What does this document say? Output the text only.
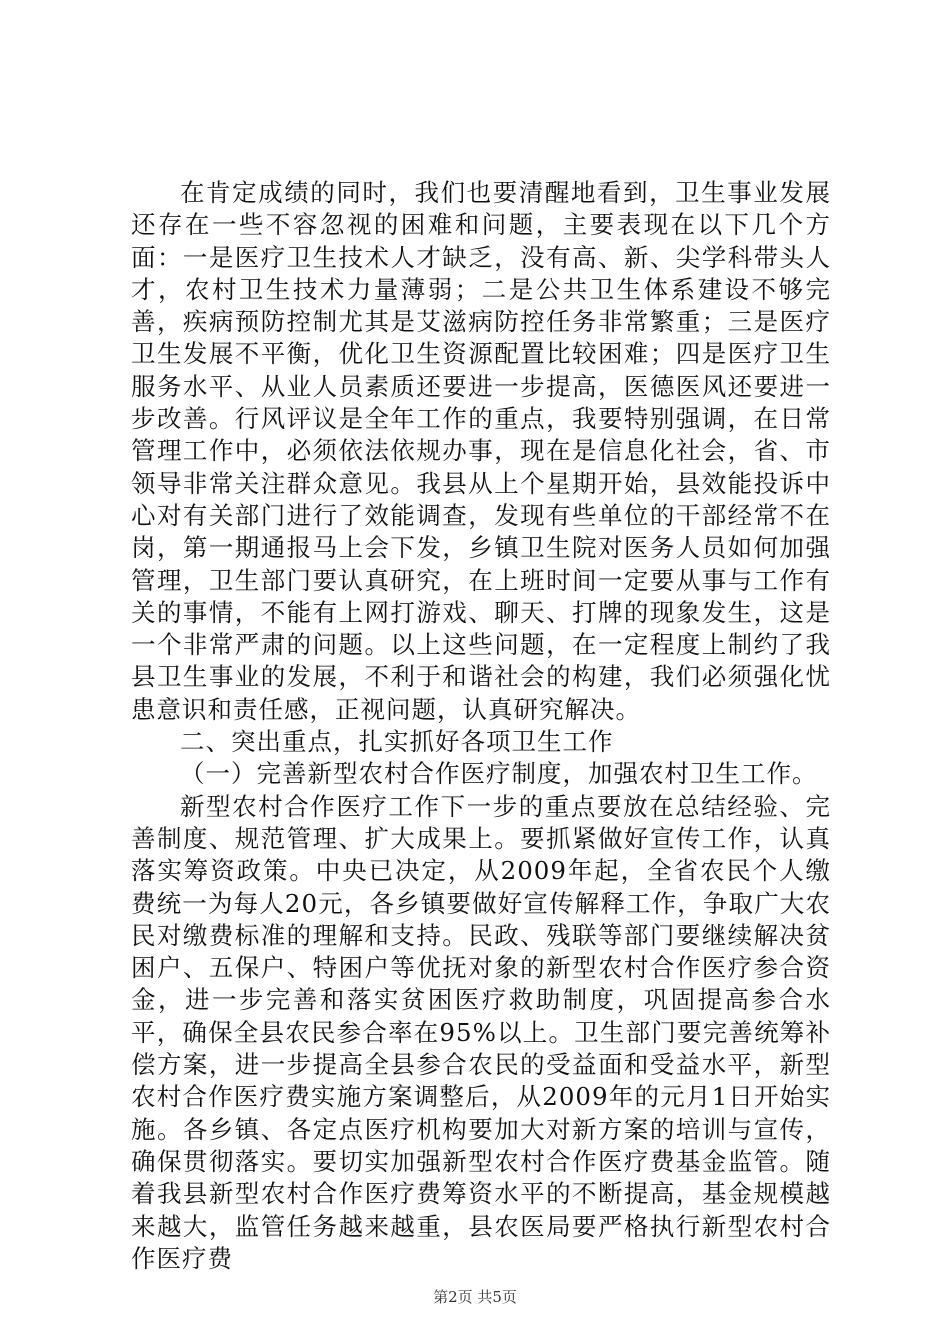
在肯定成绩的同时，我们也要清醒地看到，卫生事业发展还存在一些不容忽视的困难和问题，主要表现在以下几个方面：一是医疗卫生技术人才缺乏，没有高、新、尖学科带头人才，农村卫生技术力量薄弱；二是公共卫生体系建设不够完善，疾病预防控制尤其是艾滋病防控任务非常繁重；三是医疗卫生发展不平衡，优化卫生资源配置比较困难；四是医疗卫生服务水平、从业人员素质还要进一步提高，医德医风还要进一步改善。行风评议是全年工作的重点，我要特别强调，在日常管理工作中，必须依法依规办事，现在是信息化社会，省、市领导非常关注群众意见。我县从上个星期开始，县效能投诉中心对有关部门进行了效能调查，发现有些单位的干部经常不在岗，第一期通报马上会下发，乡镇卫生院对医务人员如何加强管理，卫生部门要认真研究，在上班时间一定要从事与工作有关的事情，不能有上网打游戏、聊天、打牌的现象发生，这是一个非常严肃的问题。以上这些问题，在一定程度上制约了我县卫生事业的发展，不利于和谐社会的构建，我们必须强化忧患意识和责任感，正视问题，认真研究解决。

二、突出重点，扎实抓好各项卫生工作

（一）完善新型农村合作医疗制度，加强农村卫生工作。

新型农村合作医疗工作下一步的重点要放在总结经验、完善制度、规范管理、扩大成果上。要抓紧做好宣传工作，认真落实筹资政策。中央已决定，从2009年起，全省农民个人缴费统一为每人20元，各乡镇要做好宣传解释工作，争取广大农民对缴费标准的理解和支持。民政、残联等部门要继续解决贫困户、五保户、特困户等优抚对象的新型农村合作医疗参合资金，进一步完善和落实贫困医疗救助制度，巩固提高参合水平，确保全县农民参合率在95%以上。卫生部门要完善统筹补偿方案，进一步提高全县参合农民的受益面和受益水平，新型农村合作医疗费实施方案调整后，从2009年的元月1日开始实施。各乡镇、各定点医疗机构要加大对新方案的培训与宣传，确保贯彻落实。要切实加强新型农村合作医疗费基金监管。随着我县新型农村合作医疗费筹资水平的不断提高，基金规模越来越大，监管任务越来越重，县农医局要严格执行新型农村合作医疗费

第2页 共5页
